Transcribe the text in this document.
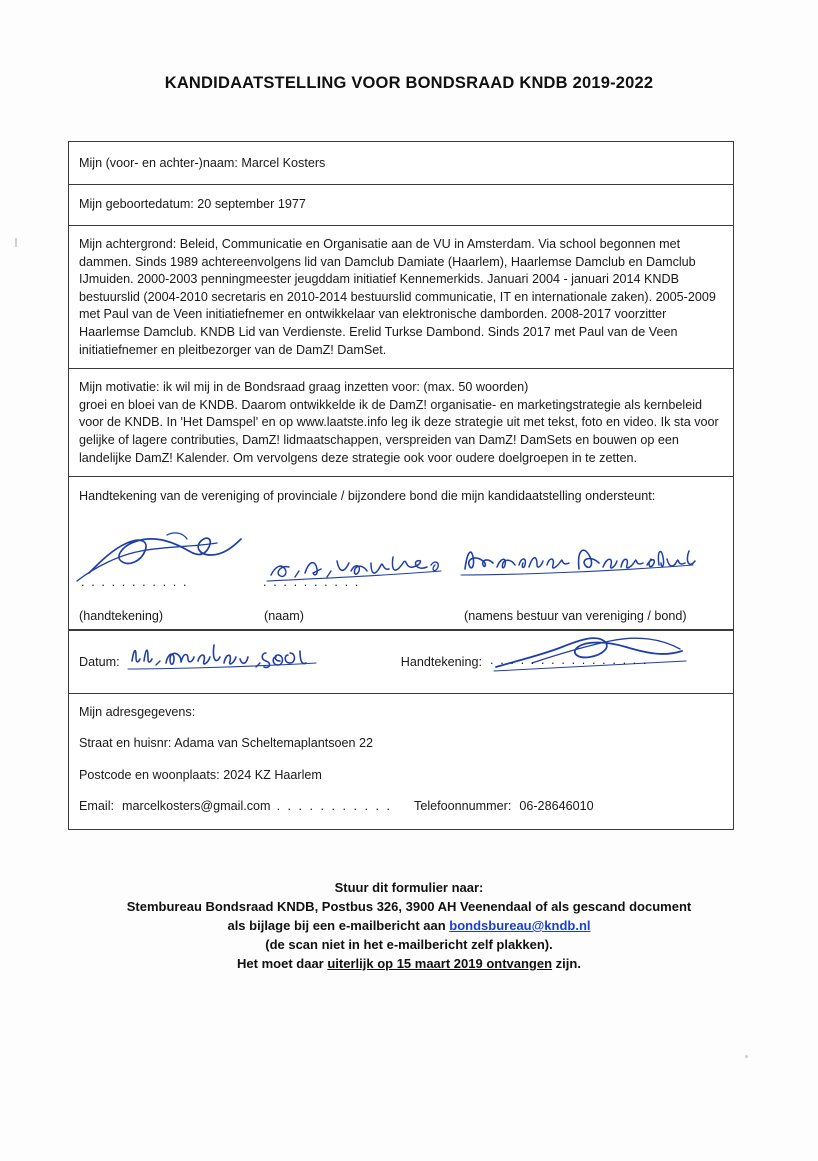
KANDIDAATSTELLING VOOR BONDSRAAD KNDB 2019-2022
Mijn (voor- en achter-)naam: Marcel Kosters
Mijn geboortedatum: 20 september 1977
Mijn achtergrond: Beleid, Communicatie en Organisatie aan de VU in Amsterdam. Via school begonnen met dammen. Sinds 1989 achtereenvolgens lid van Damclub Damiate (Haarlem), Haarlemse Damclub en Damclub IJmuiden. 2000-2003 penningmeester jeugddam initiatief Kennemerkids. Januari 2004 - januari 2014 KNDB bestuurslid (2004-2010 secretaris en 2010-2014 bestuurslid communicatie, IT en internationale zaken). 2005-2009 met Paul van de Veen initiatiefnemer en ontwikkelaar van elektronische damborden. 2008-2017 voorzitter Haarlemse Damclub. KNDB Lid van Verdienste. Erelid Turkse Dambond. Sinds 2017 met Paul van de Veen initiatiefnemer en pleitbezorger van de DamZ! DamSet.
Mijn motivatie: ik wil mij in de Bondsraad graag inzetten voor: (max. 50 woorden)
groei en bloei van de KNDB. Daarom ontwikkelde ik de DamZ! organisatie- en marketingstrategie als kernbeleid voor de KNDB. In 'Het Damspel' en op www.laatste.info leg ik deze strategie uit met tekst, foto en video. Ik sta voor gelijke of lagere contributies, DamZ! lidmaatschappen, verspreiden van DamZ! DamSets en bouwen op een landelijke DamZ! Kalender. Om vervolgens deze strategie ook voor oudere doelgroepen in te zetten.
Handtekening van de vereniging of provinciale / bijzondere bond die mijn kandidaatstelling ondersteunt:
. . . . . . . . . . .	. . . . . . . . . .
(handtekening)	(naam)	(namens bestuur van vereniging / bond)
Datum:	Handtekening: . . . . . . . . . . . . . . . .
Mijn adresgegevens:
Straat en huisnr: Adama van Scheltemaplantsoen 22
Postcode en woonplaats: 2024 KZ Haarlem
Email: marcelkosters@gmail.com . . . . . . . . . . . Telefoonnummer: 06-28646010
Stuur dit formulier naar:
Stembureau Bondsraad KNDB, Postbus 326, 3900 AH Veenendaal of als gescand document
als bijlage bij een e-mailbericht aan bondsbureau@kndb.nl
(de scan niet in het e-mailbericht zelf plakken).
Het moet daar uiterlijk op 15 maart 2019 ontvangen zijn.
